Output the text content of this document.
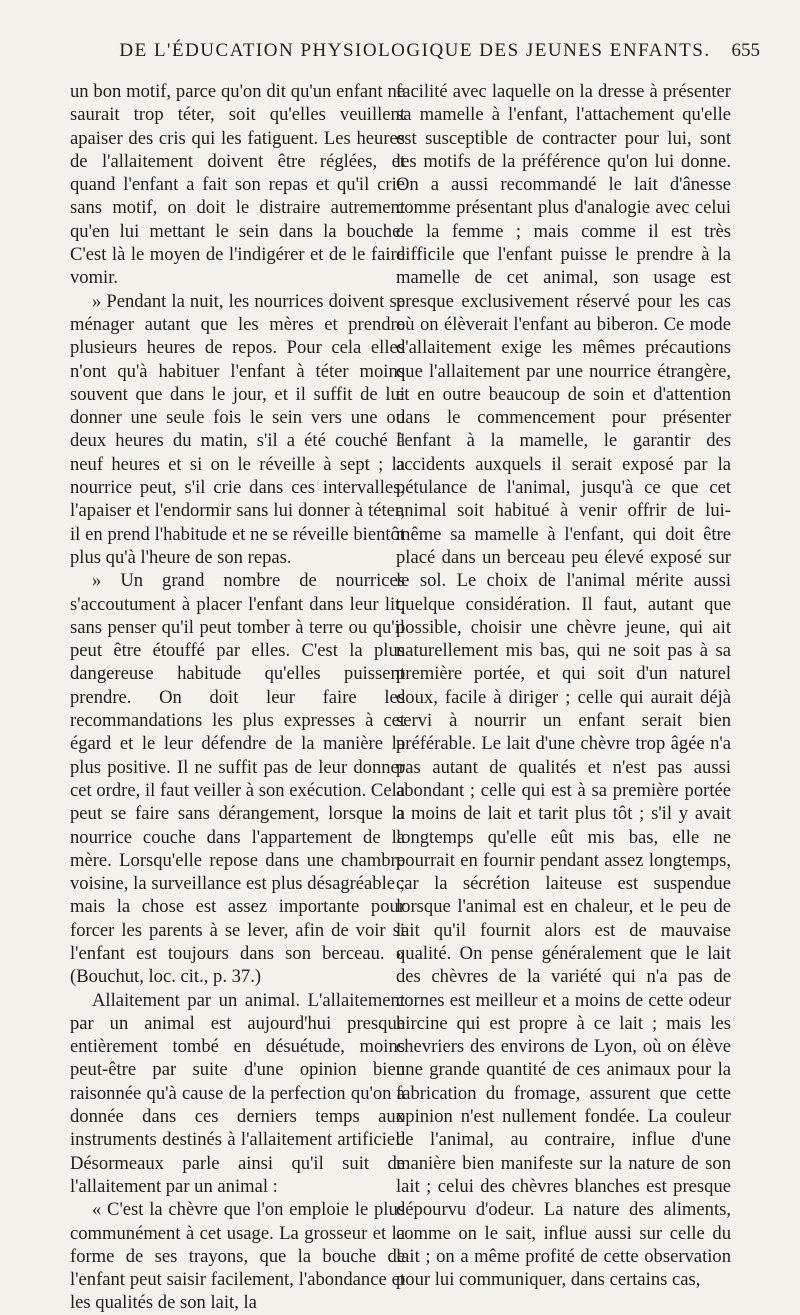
DE L'ÉDUCATION PHYSIOLOGIQUE DES JEUNES ENFANTS.	655

un bon motif, parce qu'on dit qu'un enfant ne saurait trop téter, soit qu'elles veuillent apaiser des cris qui les fatiguent. Les heures de l'allaitement doivent être réglées, et quand l'enfant a fait son repas et qu'il crie sans motif, on doit le distraire autrement qu'en lui mettant le sein dans la bouche. C'est là le moyen de l'indigérer et de le faire vomir.

» Pendant la nuit, les nourrices doivent se ménager autant que les mères et prendre plusieurs heures de repos. Pour cela elles n'ont qu'à habituer l'enfant à téter moins souvent que dans le jour, et il suffit de lui donner une seule fois le sein vers une ou deux heures du matin, s'il a été couché à neuf heures et si on le réveille à sept ; la nourrice peut, s'il crie dans ces intervalles, l'apaiser et l'endormir sans lui donner à téter, il en prend l'habitude et ne se réveille bientôt plus qu'à l'heure de son repas.

» Un grand nombre de nourrices s'accoutument à placer l'enfant dans leur lit, sans penser qu'il peut tomber à terre ou qu'il peut être étouffé par elles. C'est la plus dangereuse habitude qu'elles puissent prendre. On doit leur faire les recommandations les plus expresses à cet égard et le leur défendre de la manière la plus positive. Il ne suffit pas de leur donner cet ordre, il faut veiller à son exécution. Cela peut se faire sans dérangement, lorsque la nourrice couche dans l'appartement de la mère. Lorsqu'elle repose dans une chambre voisine, la surveillance est plus désagréable ; mais la chose est assez importante pour forcer les parents à se lever, afin de voir si l'enfant est toujours dans son berceau. » (Bouchut, loc. cit., p. 37.)

Allaitement par un animal. L'allaitement par un animal est aujourd'hui presque entièrement tombé en désuétude, moins peut-être par suite d'une opinion bien raisonnée qu'à cause de la perfection qu'on a donnée dans ces derniers temps aux instruments destinés à l'allaitement artificiel. Désormeaux parle ainsi qu'il suit de l'allaitement par un animal :

« C'est la chèvre que l'on emploie le plus communément à cet usage. La grosseur et la forme de ses trayons, que la bouche de l'enfant peut saisir facilement, l'abondance et les qualités de son lait, la

facilité avec laquelle on la dresse à présenter sa mamelle à l'enfant, l'attachement qu'elle est susceptible de contracter pour lui, sont les motifs de la préférence qu'on lui donne. On a aussi recommandé le lait d'ânesse comme présentant plus d'analogie avec celui de la femme ; mais comme il est très difficile que l'enfant puisse le prendre à la mamelle de cet animal, son usage est presque exclusivement réservé pour les cas où on élèverait l'enfant au biberon. Ce mode d'allaitement exige les mêmes précautions que l'allaitement par une nourrice étrangère, et en outre beaucoup de soin et d'attention dans le commencement pour présenter l'enfant à la mamelle, le garantir des accidents auxquels il serait exposé par la pétulance de l'animal, jusqu'à ce que cet animal soit habitué à venir offrir de lui-même sa mamelle à l'enfant, qui doit être placé dans un berceau peu élevé exposé sur le sol. Le choix de l'animal mérite aussi quelque considération. Il faut, autant que possible, choisir une chèvre jeune, qui ait naturellement mis bas, qui ne soit pas à sa première portée, et qui soit d'un naturel doux, facile à diriger ; celle qui aurait déjà servi à nourrir un enfant serait bien préférable. Le lait d'une chèvre trop âgée n'a pas autant de qualités et n'est pas aussi abondant ; celle qui est à sa première portée a moins de lait et tarit plus tôt ; s'il y avait longtemps qu'elle eût mis bas, elle ne pourrait en fournir pendant assez longtemps, car la sécrétion laiteuse est suspendue lorsque l'animal est en chaleur, et le peu de lait qu'il fournit alors est de mauvaise qualité. On pense généralement que le lait des chèvres de la variété qui n'a pas de cornes est meilleur et a moins de cette odeur hircine qui est propre à ce lait ; mais les chevriers des environs de Lyon, où on élève une grande quantité de ces animaux pour la fabrication du fromage, assurent que cette opinion n'est nullement fondée. La couleur de l'animal, au contraire, influe d'une manière bien manifeste sur la nature de son lait ; celui des chèvres blanches est presque dépourvu d'odeur. La nature des aliments, comme on le sait, influe aussi sur celle du lait ; on a même profité de cette observation pour lui communiquer, dans certains cas,
